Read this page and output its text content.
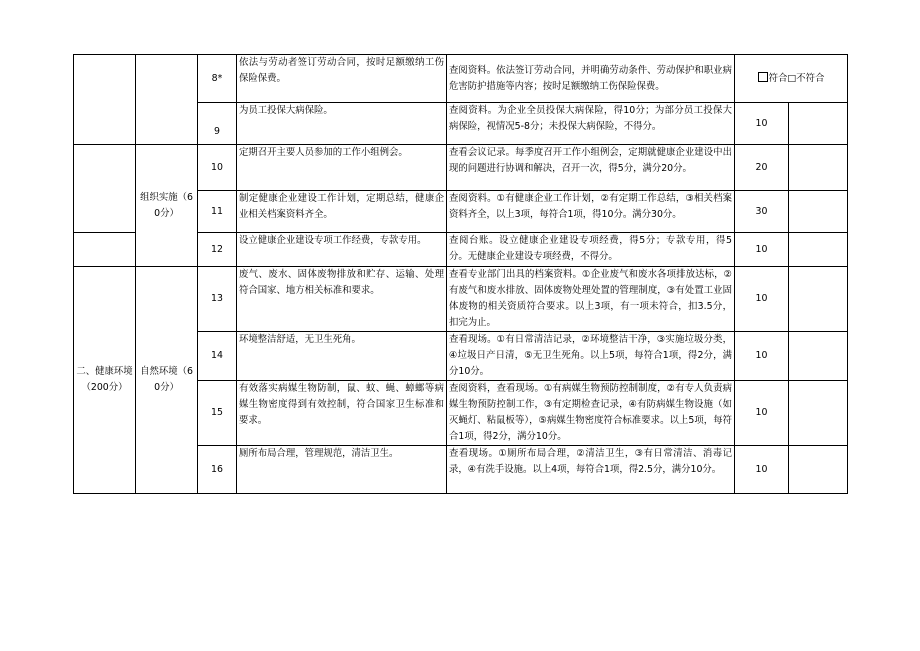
		8*	依法与劳动者签订劳动合同，按时足额缴纳工伤保险保费。	查阅资料。依法签订劳动合同，并明确劳动条件、劳动保护和职业病危害防护措施等内容；按时足额缴纳工伤保险保费。	符合□不符合	
		9	为员工投保大病保险。	查阅资料。为企业全员投保大病保险，得10分；为部分员工投保大病保险，视情况5-8分；未投保大病保险，不得分。	10	
	组织实施（60分）	10	定期召开主要人员参加的工作小组例会。	查看会议记录。每季度召开工作小组例会，定期就健康企业建设中出现的问题进行协调和解决，召开一次，得5分，满分20分。	20	
		11	制定健康企业建设工作计划，定期总结，健康企业相关档案资料齐全。	查阅资料。①有健康企业工作计划，②有定期工作总结，③相关档案资料齐全，以上3项，每符合1项，得10分。满分30分。	30	
		12	设立健康企业建设专项工作经费，专款专用。	查阅台账。设立健康企业建设专项经费，得5分；专款专用，得5分。无健康企业建设专项经费，不得分。	10	
二、健康环境（200分）	自然环境（60分）	13	废气、废水、固体废物排放和贮存、运输、处理符合国家、地方相关标准和要求。	查看专业部门出具的档案资料。①企业废气和废水各项排放达标，②有废气和废水排放、固体废物处理处置的管理制度，③有处置工业固体废物的相关资质符合要求。以上3项，有一项未符合，扣3.5分，扣完为止。	10	
		14	环境整洁舒适，无卫生死角。	查看现场。①有日常清洁记录，②环境整洁干净，③实施垃圾分类，④垃圾日产日清，⑤无卫生死角。以上5项，每符合1项，得2分，满分10分。	10	
		15	有效落实病媒生物防制，鼠、蚊、蝇、蟑螂等病媒生物密度得到有效控制，符合国家卫生标准和要求。	查阅资料，查看现场。①有病媒生物预防控制制度，②有专人负责病媒生物预防控制工作，③有定期检查记录，④有防病媒生物设施（如灭蝇灯、粘鼠板等），⑤病媒生物密度符合标准要求。以上5项，每符合1项，得2分，满分10分。	10	
		16	厕所布局合理，管理规范，清洁卫生。	查看现场。①厕所布局合理，②清洁卫生，③有日常清洁、消毒记录，④有洗手设施。以上4项，每符合1项，得2.5分，满分10分。	10	
